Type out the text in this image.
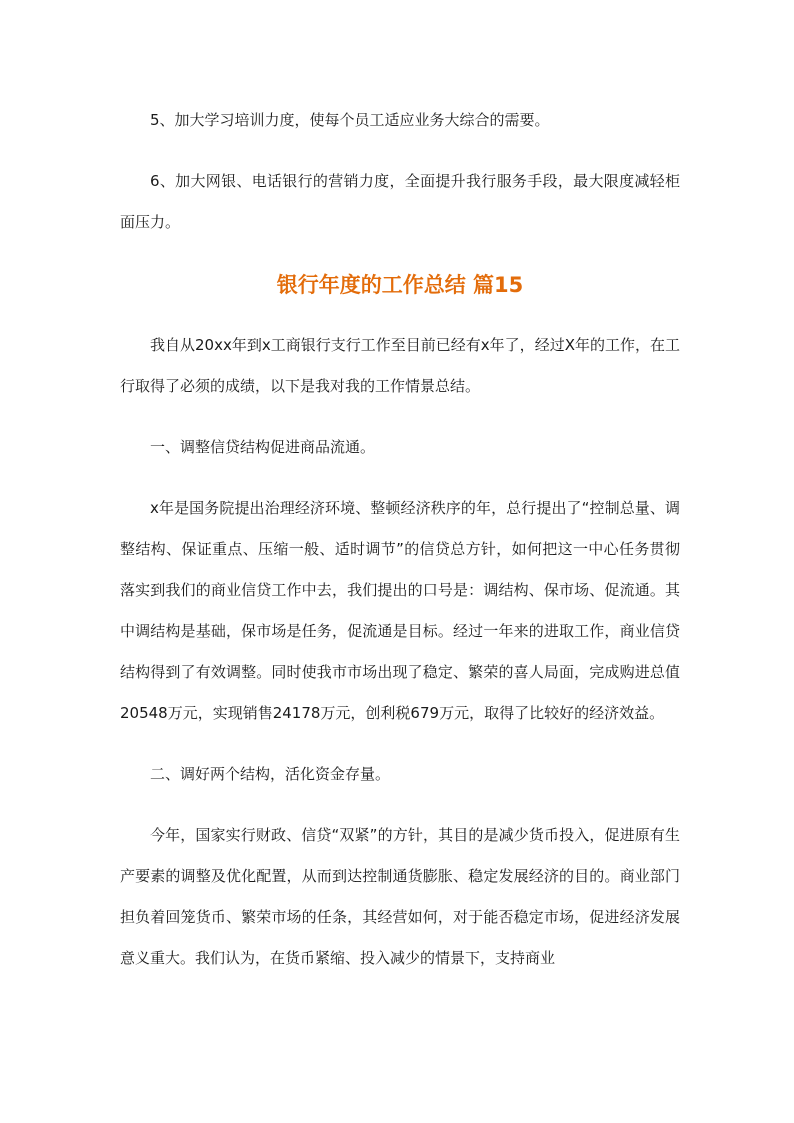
5、加大学习培训力度，使每个员工适应业务大综合的需要。

6、加大网银、电话银行的营销力度，全面提升我行服务手段，最大限度减轻柜面压力。

银行年度的工作总结 篇15

我自从20xx年到x工商银行支行工作至目前已经有x年了，经过X年的工作，在工行取得了必须的成绩，以下是我对我的工作情景总结。

一、调整信贷结构促进商品流通。

x年是国务院提出治理经济环境、整顿经济秩序的年，总行提出了“控制总量、调整结构、保证重点、压缩一般、适时调节”的信贷总方针，如何把这一中心任务贯彻落实到我们的商业信贷工作中去，我们提出的口号是：调结构、保市场、促流通。其中调结构是基础，保市场是任务，促流通是目标。经过一年来的进取工作，商业信贷结构得到了有效调整。同时使我市市场出现了稳定、繁荣的喜人局面，完成购进总值20548万元，实现销售24178万元，创利税679万元，取得了比较好的经济效益。

二、调好两个结构，活化资金存量。

今年，国家实行财政、信贷“双紧”的方针，其目的是减少货币投入，促进原有生产要素的调整及优化配置，从而到达控制通货膨胀、稳定发展经济的目的。商业部门担负着回笼货币、繁荣市场的任条，其经营如何，对于能否稳定市场，促进经济发展意义重大。我们认为，在货币紧缩、投入减少的情景下，支持商业
